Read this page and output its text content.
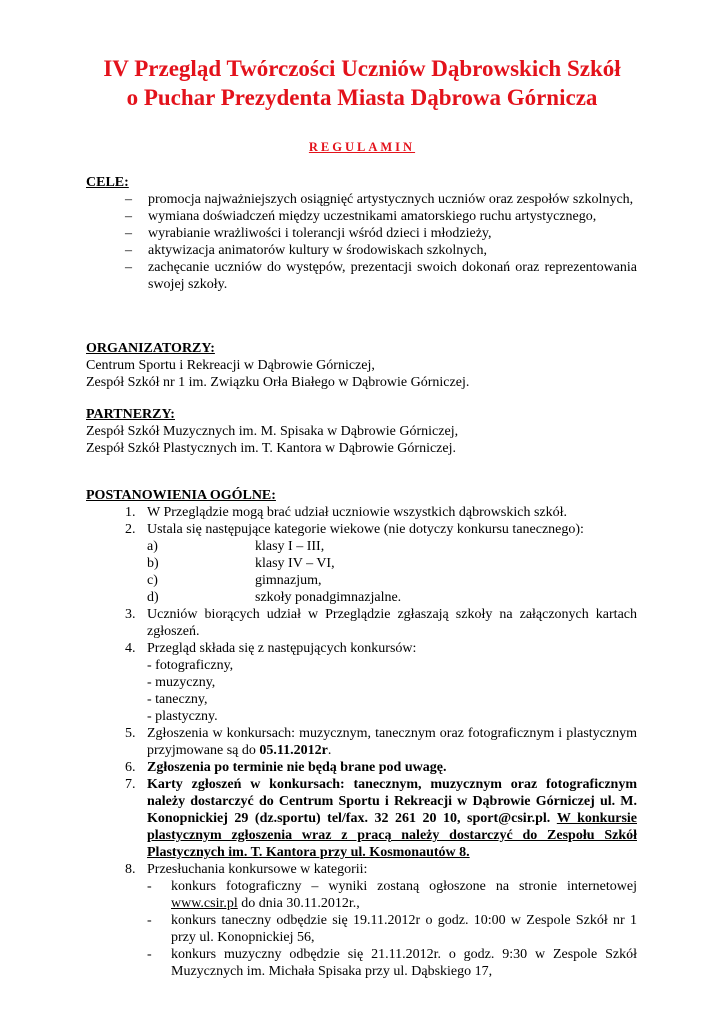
IV Przegląd Twórczości Uczniów Dąbrowskich Szkół
o Puchar Prezydenta Miasta Dąbrowa Górnicza
REGULAMIN
CELE:
– promocja najważniejszych osiągnięć artystycznych uczniów oraz zespołów szkolnych,
– wymiana doświadczeń między uczestnikami amatorskiego ruchu artystycznego,
– wyrabianie wrażliwości i tolerancji wśród dzieci i młodzieży,
– aktywizacja animatorów kultury w środowiskach szkolnych,
– zachęcanie uczniów do występów, prezentacji swoich dokonań oraz reprezentowania swojej szkoły.
ORGANIZATORZY:
Centrum Sportu i Rekreacji w Dąbrowie Górniczej,
Zespół Szkół nr 1 im. Związku Orła Białego w Dąbrowie Górniczej.
PARTNERZY:
Zespół Szkół Muzycznych im. M. Spisaka w Dąbrowie Górniczej,
Zespół Szkół Plastycznych im. T. Kantora w Dąbrowie Górniczej.
POSTANOWIENIA OGÓLNE:
1. W Przeglądzie mogą brać udział uczniowie wszystkich dąbrowskich szkół.
2. Ustala się następujące kategorie wiekowe (nie dotyczy konkursu tanecznego):
a)	klasy I – III,
b)	klasy IV – VI,
c)	gimnazjum,
d)	szkoły ponadgimnazjalne.
3. Uczniów biorących udział w Przeglądzie zgłaszają szkoły na załączonych kartach zgłoszeń.
4. Przegląd składa się z następujących konkursów:
- fotograficzny,
- muzyczny,
- taneczny,
- plastyczny.
5. Zgłoszenia w konkursach: muzycznym, tanecznym oraz fotograficznym i plastycznym przyjmowane są do 05.11.2012r.
6. Zgłoszenia po terminie nie będą brane pod uwagę.
7. Karty zgłoszeń w konkursach: tanecznym, muzycznym oraz fotograficznym należy dostarczyć do Centrum Sportu i Rekreacji w Dąbrowie Górniczej ul. M. Konopnickiej 29 (dz.sportu) tel/fax. 32 261 20 10, sport@csir.pl. W konkursie plastycznym zgłoszenia wraz z pracą należy dostarczyć do Zespołu Szkół Plastycznych im. T. Kantora przy ul. Kosmonautów 8.
8. Przesłuchania konkursowe w kategorii:
- konkurs fotograficzny – wyniki zostaną ogłoszone na stronie internetowej www.csir.pl do dnia 30.11.2012r.,
- konkurs taneczny odbędzie się 19.11.2012r o godz. 10:00 w Zespole Szkół nr 1 przy ul. Konopnickiej 56,
- konkurs muzyczny odbędzie się 21.11.2012r. o godz. 9:30 w Zespole Szkół Muzycznych im. Michała Spisaka przy ul. Dąbskiego 17,
